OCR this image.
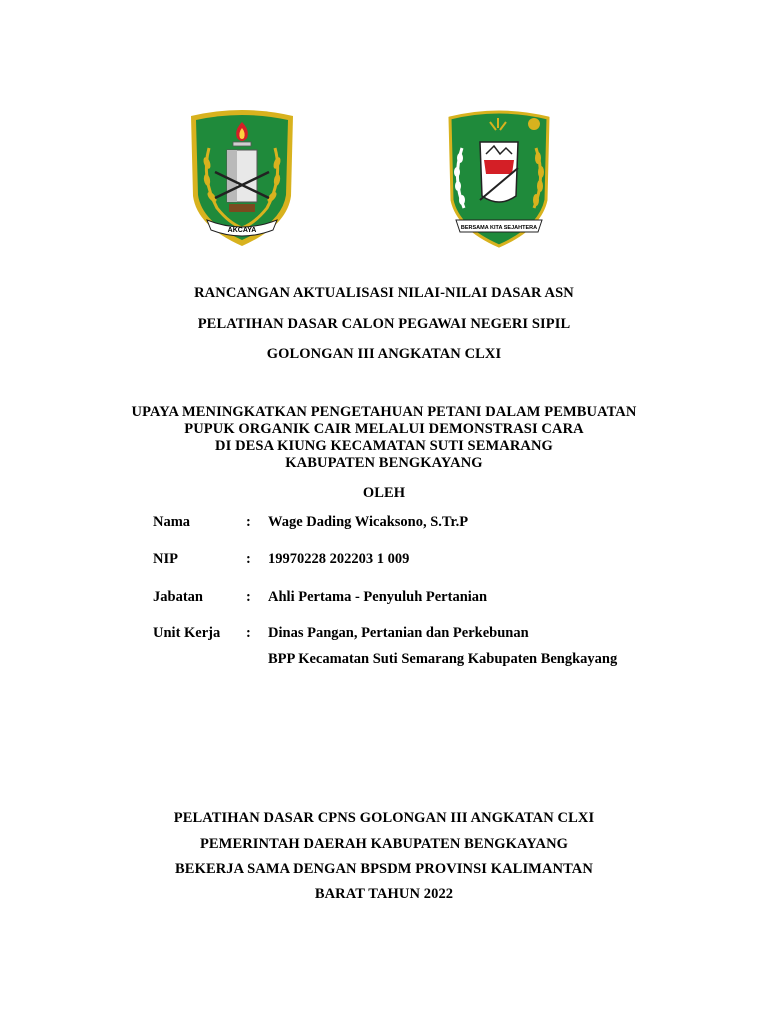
AKCAYA	BERSAMA KITA SEJAHTERA
RANCANGAN AKTUALISASI NILAI-NILAI DASAR ASN
PELATIHAN DASAR CALON PEGAWAI NEGERI SIPIL
GOLONGAN III ANGKATAN CLXI
UPAYA MENINGKATKAN PENGETAHUAN PETANI DALAM PEMBUATAN
PUPUK ORGANIK CAIR MELALUI DEMONSTRASI CARA
DI DESA KIUNG KECAMATAN SUTI SEMARANG
KABUPATEN BENGKAYANG
OLEH
Nama	: Wage Dading Wicaksono, S.Tr.P
NIP	: 19970228 202203 1 009
Jabatan	: Ahli Pertama - Penyuluh Pertanian
Unit Kerja : Dinas Pangan, Pertanian dan Perkebunan
BPP Kecamatan Suti Semarang Kabupaten Bengkayang
PELATIHAN DASAR CPNS GOLONGAN III ANGKATAN CLXI
PEMERINTAH DAERAH KABUPATEN BENGKAYANG
BEKERJA SAMA DENGAN BPSDM PROVINSI KALIMANTAN
BARAT TAHUN 2022
